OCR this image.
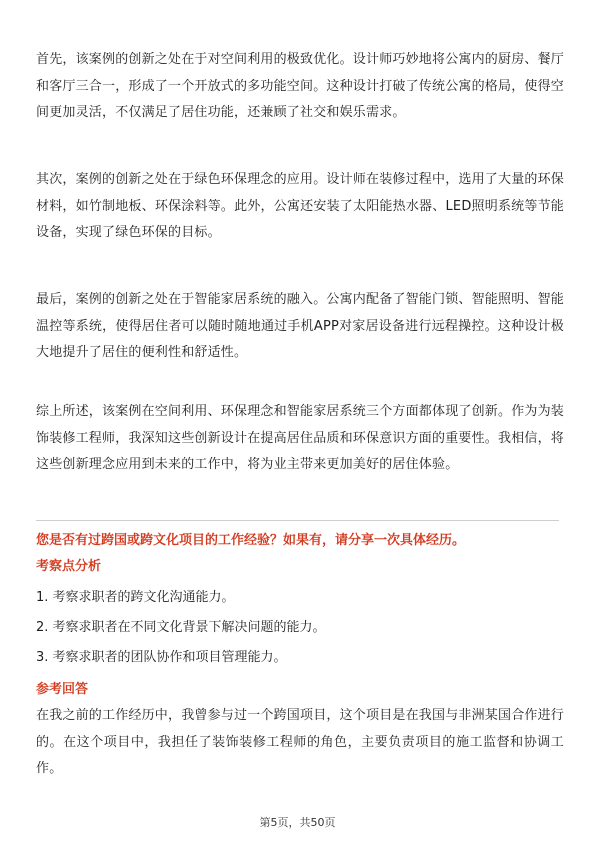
首先，该案例的创新之处在于对空间利用的极致优化。设计师巧妙地将公寓内的厨房、餐厅和客厅三合一，形成了一个开放式的多功能空间。这种设计打破了传统公寓的格局，使得空间更加灵活，不仅满足了居住功能，还兼顾了社交和娱乐需求。

其次，案例的创新之处在于绿色环保理念的应用。设计师在装修过程中，选用了大量的环保材料，如竹制地板、环保涂料等。此外，公寓还安装了太阳能热水器、LED照明系统等节能设备，实现了绿色环保的目标。

最后，案例的创新之处在于智能家居系统的融入。公寓内配备了智能门锁、智能照明、智能温控等系统，使得居住者可以随时随地通过手机APP对家居设备进行远程操控。这种设计极大地提升了居住的便利性和舒适性。

综上所述，该案例在空间利用、环保理念和智能家居系统三个方面都体现了创新。作为为装饰装修工程师，我深知这些创新设计在提高居住品质和环保意识方面的重要性。我相信，将这些创新理念应用到未来的工作中，将为业主带来更加美好的居住体验。

您是否有过跨国或跨文化项目的工作经验？如果有，请分享一次具体经历。
考察点分析
1. 考察求职者的跨文化沟通能力。
2. 考察求职者在不同文化背景下解决问题的能力。
3. 考察求职者的团队协作和项目管理能力。
参考回答

在我之前的工作经历中，我曾参与过一个跨国项目，这个项目是在我国与非洲某国合作进行的。在这个项目中，我担任了装饰装修工程师的角色，主要负责项目的施工监督和协调工作。

第5页，共50页
